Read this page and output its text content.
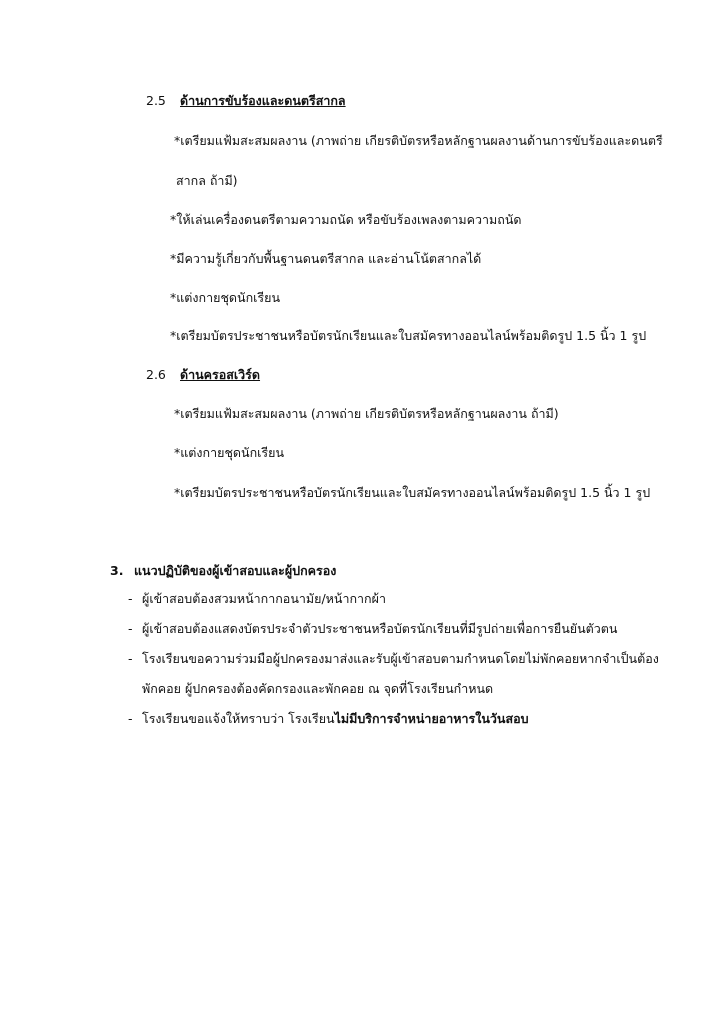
2.5 ด้านการขับร้องและดนตรีสากล
*เตรียมแฟ้มสะสมผลงาน (ภาพถ่าย เกียรติบัตรหรือหลักฐานผลงานด้านการขับร้องและดนตรี
สากล ถ้ามี)
*ให้เล่นเครื่องดนตรีตามความถนัด หรือขับร้องเพลงตามความถนัด
*มีความรู้เกี่ยวกับพื้นฐานดนตรีสากล และอ่านโน้ตสากลได้
*แต่งกายชุดนักเรียน
*เตรียมบัตรประชาชนหรือบัตรนักเรียนและใบสมัครทางออนไลน์พร้อมติดรูป 1.5 นิ้ว 1 รูป
2.6 ด้านครอสเวิร์ด
*เตรียมแฟ้มสะสมผลงาน (ภาพถ่าย เกียรติบัตรหรือหลักฐานผลงาน ถ้ามี)
*แต่งกายชุดนักเรียน
*เตรียมบัตรประชาชนหรือบัตรนักเรียนและใบสมัครทางออนไลน์พร้อมติดรูป 1.5 นิ้ว 1 รูป
3. แนวปฏิบัติของผู้เข้าสอบและผู้ปกครอง
- ผู้เข้าสอบต้องสวมหน้ากากอนามัย/หน้ากากผ้า
- ผู้เข้าสอบต้องแสดงบัตรประจำตัวประชาชนหรือบัตรนักเรียนที่มีรูปถ่ายเพื่อการยืนยันตัวตน
- โรงเรียนขอความร่วมมือผู้ปกครองมาส่งและรับผู้เข้าสอบตามกำหนดโดยไม่พักคอยหากจำเป็นต้อง
พักคอย ผู้ปกครองต้องคัดกรองและพักคอย ณ จุดที่โรงเรียนกำหนด
- โรงเรียนขอแจ้งให้ทราบว่า โรงเรียนไม่มีบริการจำหน่ายอาหารในวันสอบ
